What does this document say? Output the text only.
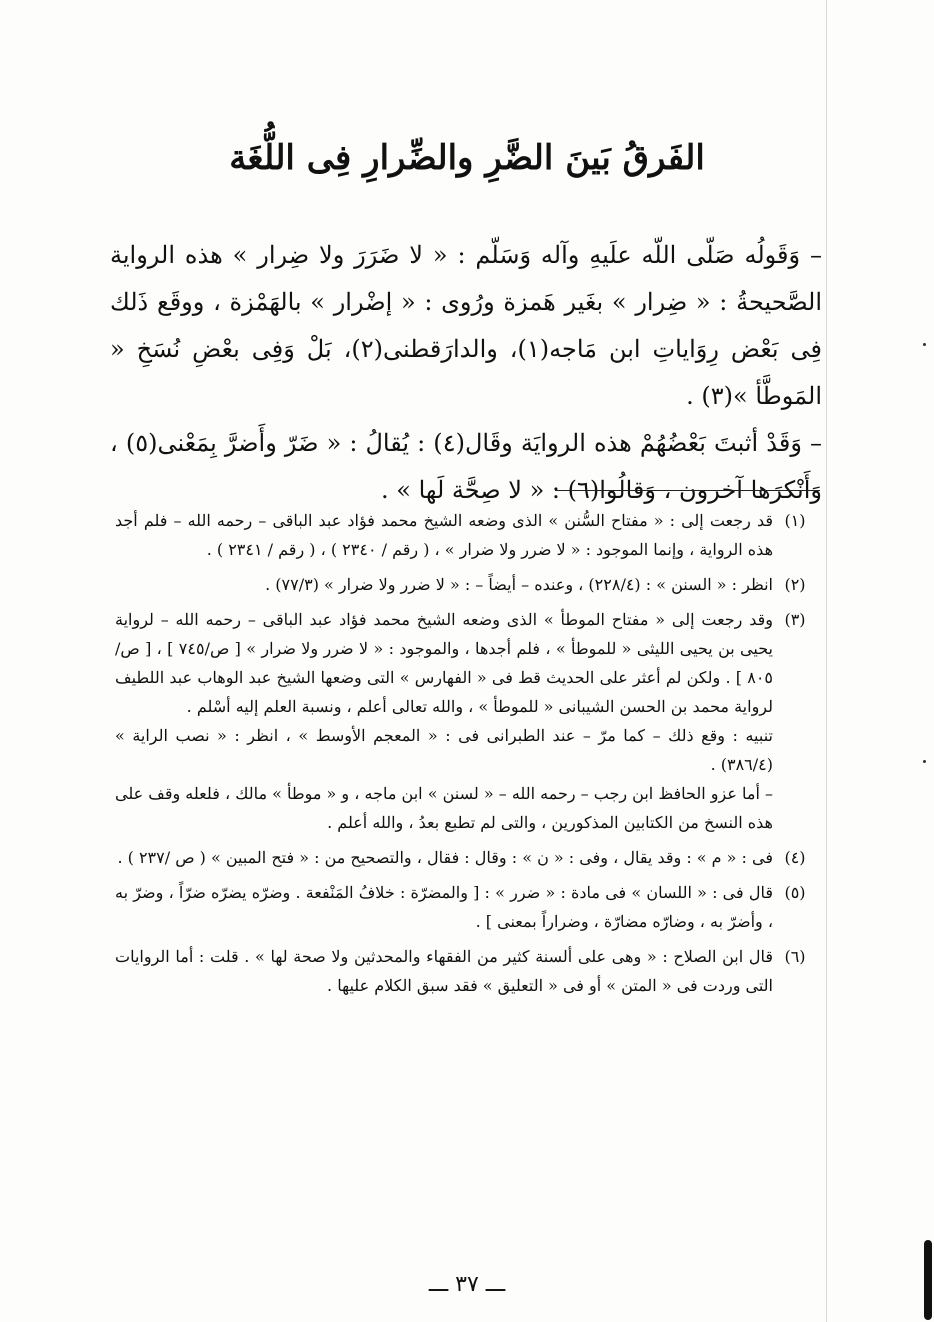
الفَرقُ بَينَ الضَّرِ والضِّرارِ فِى اللُّغَة

– وَقَولُه صَلّى اللّه علَيهِ وآله وَسَلّم : « لا ضَرَرَ ولا ضِرار » هذه الرواية الصَّحيحةُ : « ضِرار » بغَير هَمزة ورُوى : « إضْرار » بالهَمْزة ، ووقَع ذَلك فِى بَعْض رِوَاياتِ ابن مَاجه(١)، والدارَقطنى(٢)، بَلْ وَفِى بعْضِ نُسَخِ « المَوطَّأ »(٣) .

– وَقَدْ أثبتَ بَعْضُهُمْ هذه الروايَة وقَال(٤) : يُقالُ : « ضَرّ وأَضرَّ بِمَعْنى(٥) ، وَأَنْكرَها آخرون ، وَقالُوا(٦) : « لا صِحَّة لَها » .

(١)

قد رجعت إلى : « مفتاح السُّنن » الذى وضعه الشيخ محمد فؤاد عبد الباقى – رحمه الله – فلم أجد هذه الرواية ، وإنما الموجود : « لا ضرر ولا ضرار » ، ( رقم / ٢٣٤٠ ) ، ( رقم / ٢٣٤١ ) .

(٢)

انظر : « السنن » : (٢٢٨/٤) ، وعنده – أيضاً – : « لا ضرر ولا ضرار » (٧٧/٣) .

(٣)

وقد رجعت إلى « مفتاح الموطأ » الذى وضعه الشيخ محمد فؤاد عبد الباقى – رحمه الله – لرواية يحيى بن يحيى الليثى « للموطأ » ، فلم أجدها ، والموجود : « لا ضرر ولا ضرار » [ ص/٧٤٥ ] ، [ ص/٨٠٥ ] . ولكن لم أعثر على الحديث قط فى « الفهارس » التى وضعها الشيخ عبد الوهاب عبد اللطيف لرواية محمد بن الحسن الشيبانى « للموطأ » ، والله تعالى أعلم ، ونسبة العلم إليه أسْلم .

تنبيه : وقع ذلك – كما مرّ – عند الطبرانى فى : « المعجم الأوسط » ، انظر : « نصب الراية » (٣٨٦/٤) .

– أما عزو الحافظ ابن رجب – رحمه الله – « لسنن » ابن ماجه ، و « موطأ » مالك ، فلعله وقف على هذه النسخ من الكتابين المذكورين ، والتى لم تطبع بعدُ ، والله أعلم .

(٤)

فى : « م » : وقد يقال ، وفى : « ن » : وقال : فقال ، والتصحيح من : « فتح المبين » ( ص /٢٣٧ ) .

(٥)

قال فى : « اللسان » فى مادة : « ضرر » : [ والمضرّة : خلافُ المَنْفعة . وضرّه يضرّه ضرّاً ، وضرّ به ، وأضرّ به ، وضارّه مضارّة ، وضراراً بمعنى ] .

(٦)

قال ابن الصلاح : « وهى على ألسنة كثير من الفقهاء والمحدثين ولا صحة لها » . قلت : أما الروايات التى وردت فى « المتن » أو فى « التعليق » فقد سبق الكلام عليها .

ـــ ٣٧ ـــ
